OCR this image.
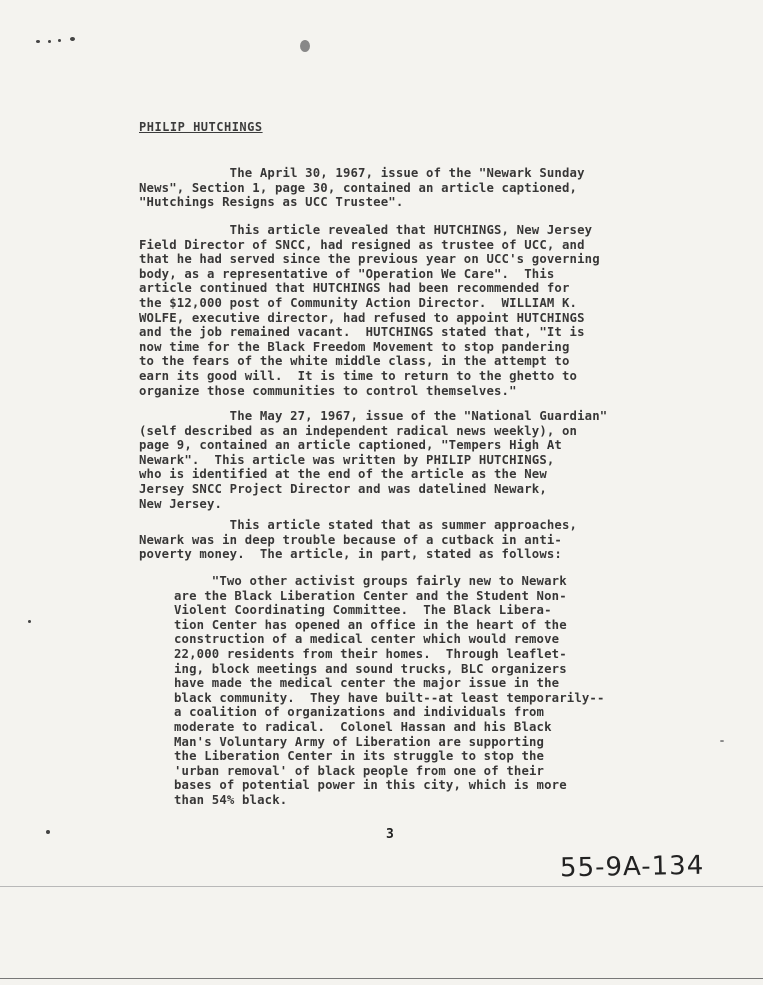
PHILIP HUTCHINGS
The April 30, 1967, issue of the "Newark Sunday
News", Section 1, page 30, contained an article captioned,
"Hutchings Resigns as UCC Trustee".
This article revealed that HUTCHINGS, New Jersey
Field Director of SNCC, had resigned as trustee of UCC, and
that he had served since the previous year on UCC's governing
body, as a representative of "Operation We Care".  This
article continued that HUTCHINGS had been recommended for
the $12,000 post of Community Action Director.  WILLIAM K.
WOLFE, executive director, had refused to appoint HUTCHINGS
and the job remained vacant.  HUTCHINGS stated that, "It is
now time for the Black Freedom Movement to stop pandering
to the fears of the white middle class, in the attempt to
earn its good will.  It is time to return to the ghetto to
organize those communities to control themselves."
The May 27, 1967, issue of the "National Guardian"
(self described as an independent radical news weekly), on
page 9, contained an article captioned, "Tempers High At
Newark".  This article was written by PHILIP HUTCHINGS,
who is identified at the end of the article as the New
Jersey SNCC Project Director and was datelined Newark,
New Jersey.
This article stated that as summer approaches,
Newark was in deep trouble because of a cutback in anti-
poverty money.  The article, in part, stated as follows:
"Two other activist groups fairly new to Newark
are the Black Liberation Center and the Student Non-
Violent Coordinating Committee.  The Black Libera-
tion Center has opened an office in the heart of the
construction of a medical center which would remove
22,000 residents from their homes.  Through leaflet-
ing, block meetings and sound trucks, BLC organizers
have made the medical center the major issue in the
black community.  They have built--at least temporarily--
a coalition of organizations and individuals from
moderate to radical.  Colonel Hassan and his Black
Man's Voluntary Army of Liberation are supporting
the Liberation Center in its struggle to stop the
'urban removal' of black people from one of their
bases of potential power in this city, which is more
than 54% black.
3
55-9A-134
